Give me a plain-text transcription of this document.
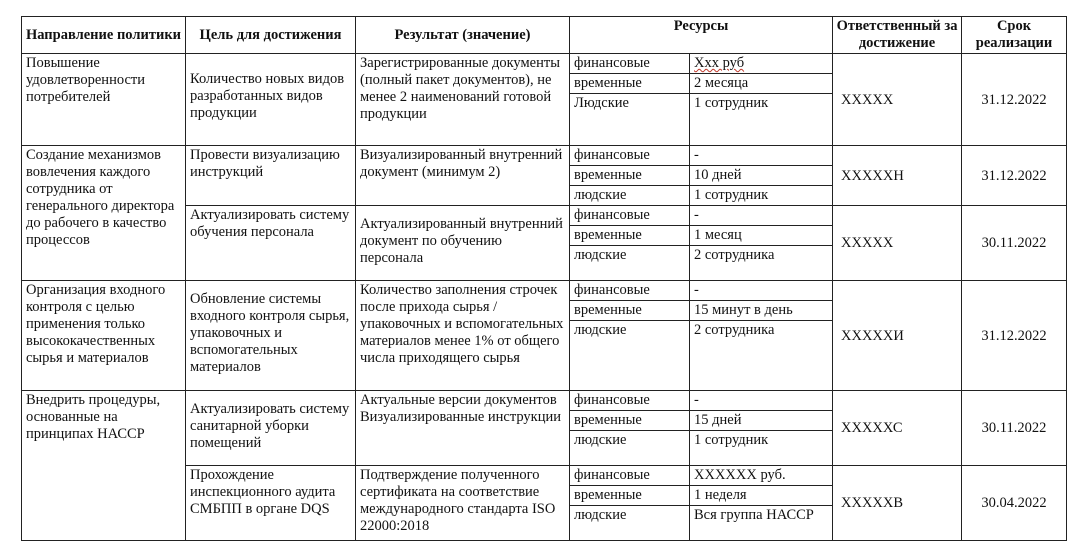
Направление политики	Цель для достижения	Результат (значение)	Ресурсы		Ответственный за достижение	Срок реализации
Повышение удовлетворенности потребителей	Количество новых видов разработанных видов продукции	Зарегистрированные документы (полный пакет документов), не менее 2 наименований готовой продукции	финансовые	Ххх руб	ХХХХХ	31.12.2022
			временные	2 месяца		
			Людские	1 сотрудник		
Создание механизмов вовлечения каждого сотрудника от генерального директора до рабочего в качество процессов	Провести визуализацию инструкций	Визуализированный внутренний документ (минимум 2)	финансовые	-	ХХХХХН	31.12.2022
			временные	10 дней		
			людские	1 сотрудник		
	Актуализировать систему обучения персонала	Актуализированный внутренний документ по обучению персонала	финансовые	-	ХХХХХ	30.11.2022
			временные	1 месяц		
			людские	2 сотрудника		
Организация входного контроля с целью применения только высококачественных сырья и материалов	Обновление системы входного контроля сырья, упаковочных и вспомогательных материалов	Количество заполнения строчек после прихода сырья / упаковочных и вспомогательных материалов менее 1% от общего числа приходящего сырья	финансовые	-	ХХХХХИ	31.12.2022
			временные	15 минут в день		
			людские	2 сотрудника		
Внедрить процедуры, основанные на принципах НАССР	Актуализировать систему санитарной уборки помещений	Актуальные версии документов Визуализированные инструкции	финансовые	-	ХХХХХС	30.11.2022
			временные	15 дней		
			людские	1 сотрудник		
	Прохождение инспекционного аудита СМБПП в органе DQS	Подтверждение полученного сертификата на соответствие международного стандарта ISO 22000:2018	финансовые	ХХХХХХ руб.	ХХХХХВ	30.04.2022
			временные	1 неделя		
			людские	Вся группа НАССР		
